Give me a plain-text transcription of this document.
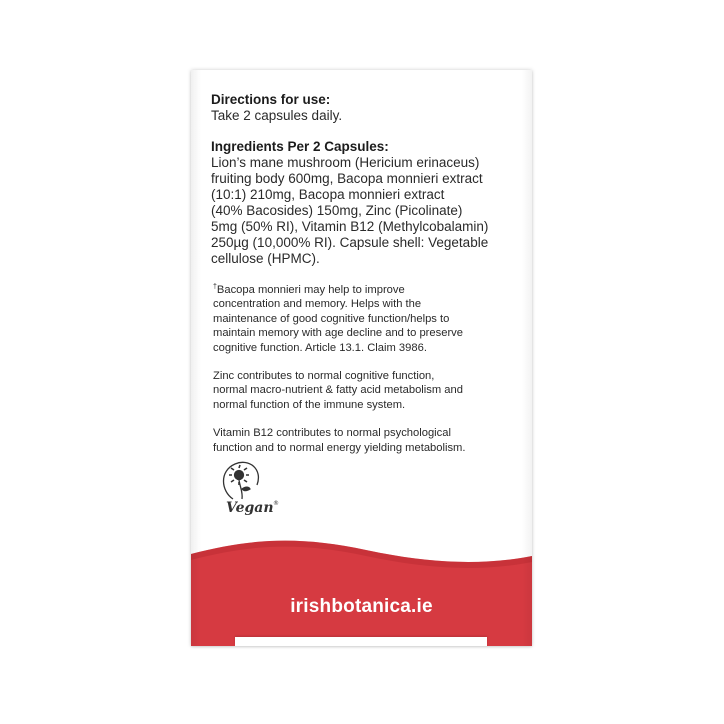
Directions for use:

Take 2 capsules daily.

Ingredients Per 2 Capsules:

Lion’s mane mushroom (Hericium erinaceus)

fruiting body 600mg, Bacopa monnieri extract

(10:1) 210mg, Bacopa monnieri extract

(40% Bacosides) 150mg, Zinc (Picolinate)

5mg (50% RI), Vitamin B12 (Methylcobalamin)

250µg (10,000% RI). Capsule shell: Vegetable

cellulose (HPMC).

†Bacopa monnieri may help to improve

concentration and memory. Helps with the

maintenance of good cognitive function/helps to

maintain memory with age decline and to preserve

cognitive function. Article 13.1. Claim 3986.

Zinc contributes to normal cognitive function,

normal macro-nutrient & fatty acid metabolism and

normal function of the immune system.

Vitamin B12 contributes to normal psychological

function and to normal energy yielding metabolism.

Vegan ®
irishbotanica.ie
